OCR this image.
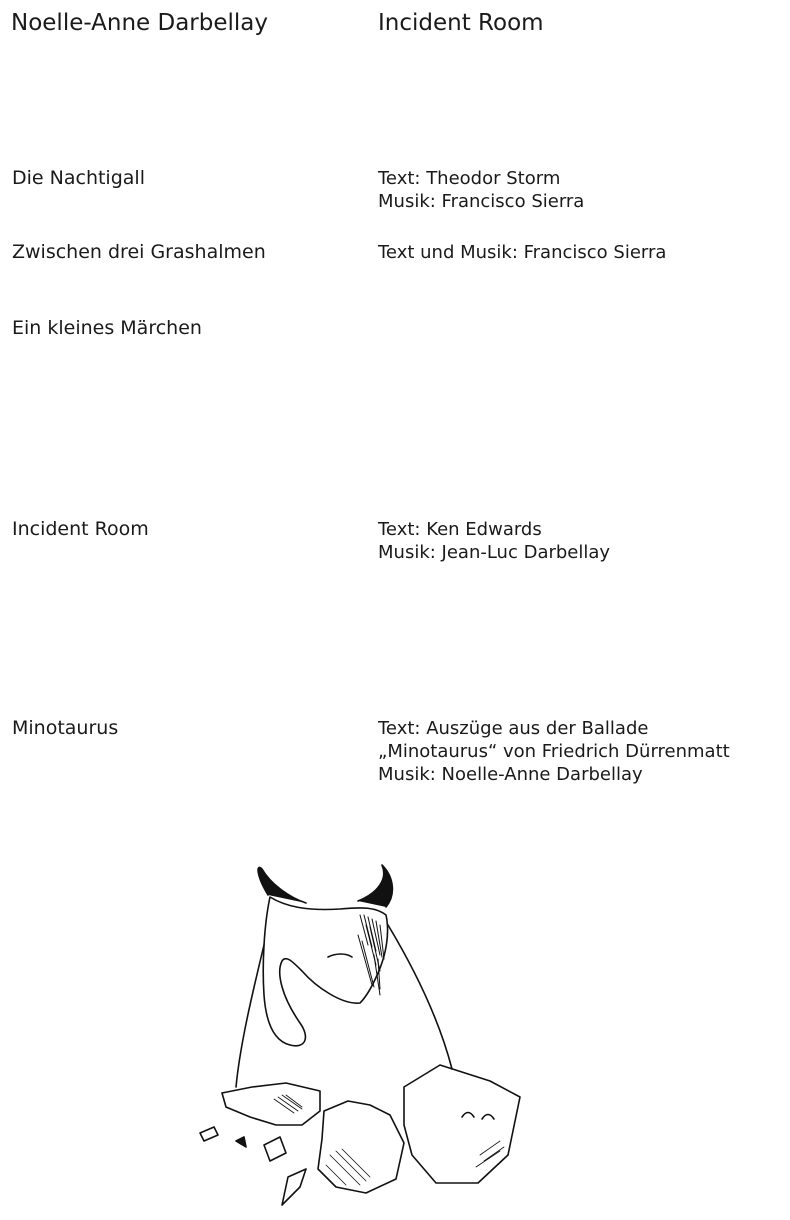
Noelle-Anne Darbellay	Incident Room
Die Nachtigall	Text: Theodor Storm
Musik: Francisco Sierra
Zwischen drei Grashalmen	Text und Musik: Francisco Sierra
Ein kleines Märchen
Incident Room	Text: Ken Edwards
Musik: Jean-Luc Darbellay
Minotaurus	Text: Auszüge aus der Ballade
„Minotaurus“ von Friedrich Dürrenmatt
Musik: Noelle-Anne Darbellay
